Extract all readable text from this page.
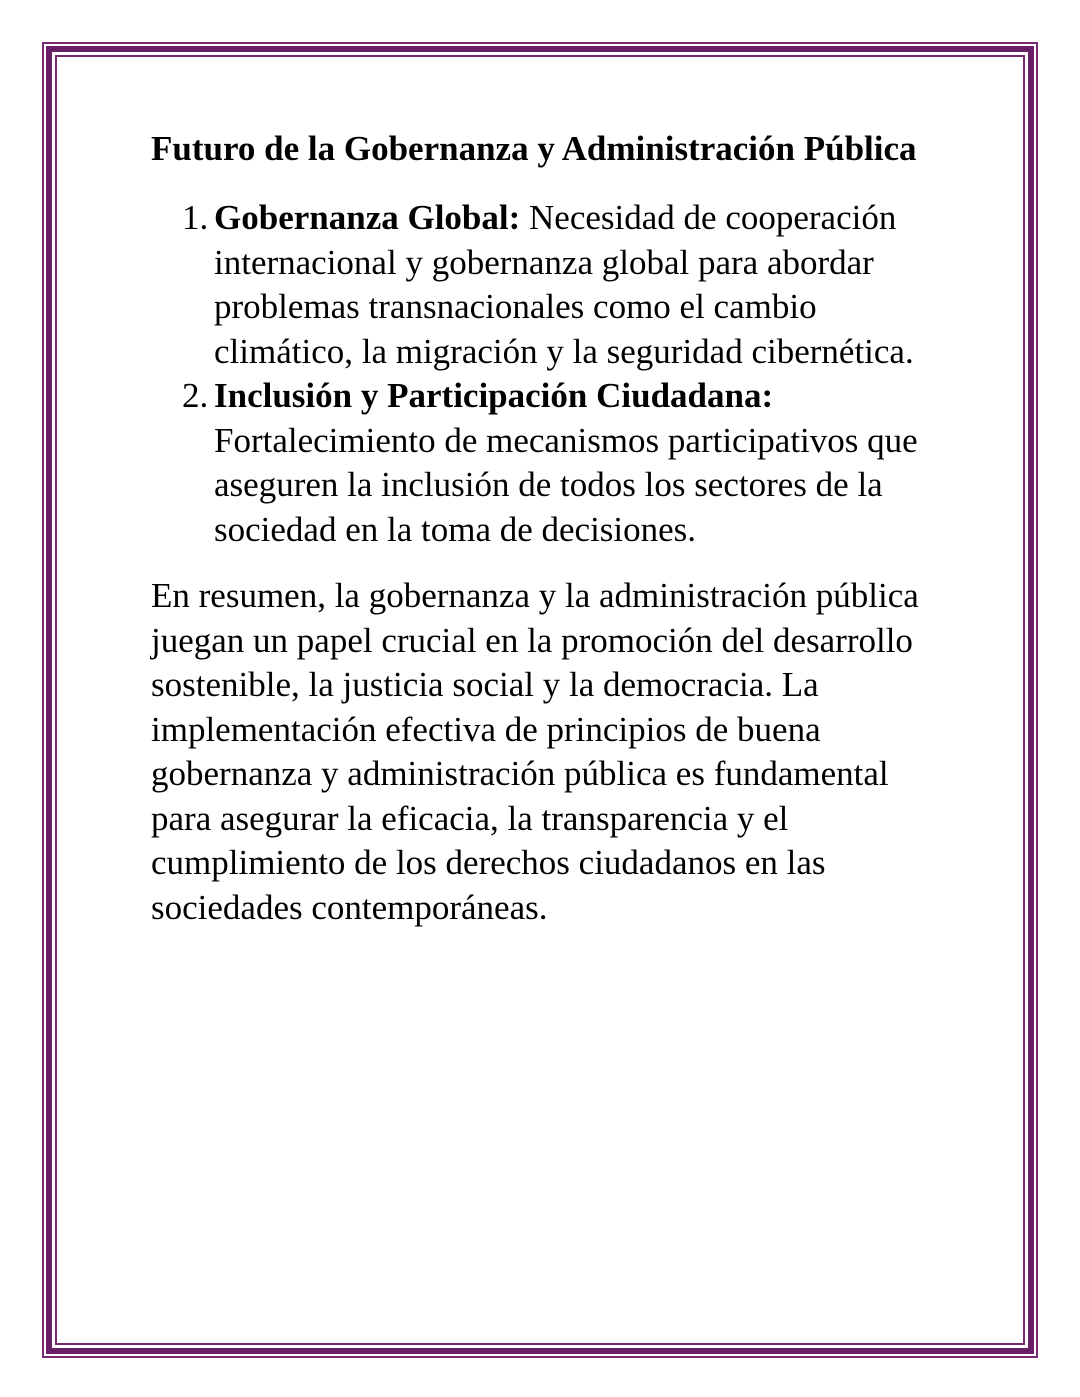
Futuro de la Gobernanza y Administración Pública
1. Gobernanza Global: Necesidad de cooperación internacional y gobernanza global para abordar problemas transnacionales como el cambio climático, la migración y la seguridad cibernética.
2. Inclusión y Participación Ciudadana: Fortalecimiento de mecanismos participativos que aseguren la inclusión de todos los sectores de la sociedad en la toma de decisiones.

En resumen, la gobernanza y la administración pública juegan un papel crucial en la promoción del desarrollo sostenible, la justicia social y la democracia. La implementación efectiva de principios de buena gobernanza y administración pública es fundamental para asegurar la eficacia, la transparencia y el cumplimiento de los derechos ciudadanos en las sociedades contemporáneas.
